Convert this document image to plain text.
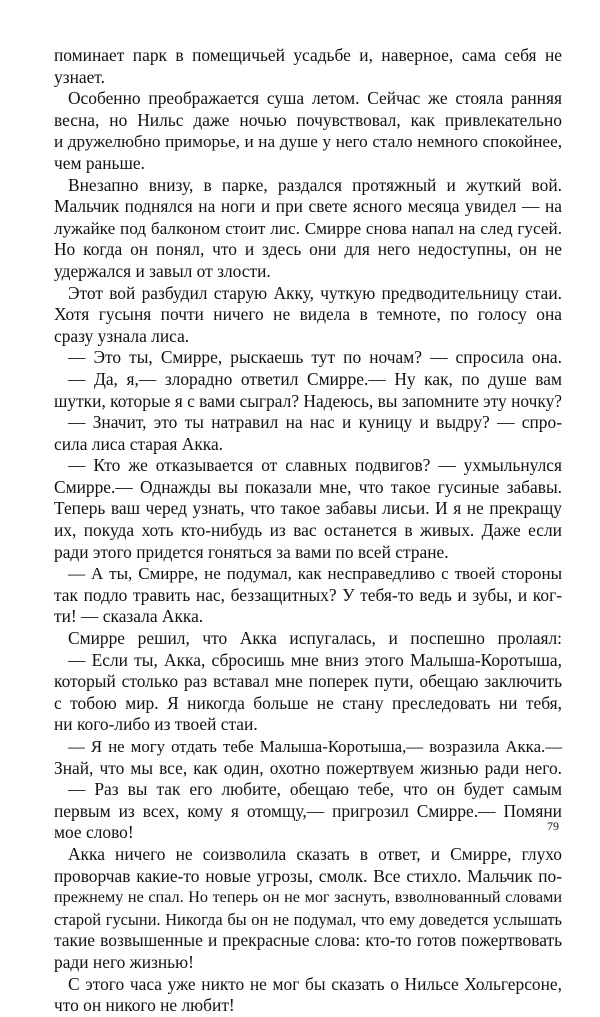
поминает парк в помещичьей усадьбе и, наверное, сама себя не
узнает.
Особенно преображается суша летом. Сейчас же стояла ранняя
весна, но Нильс даже ночью почувствовал, как привлекательно
и дружелюбно приморье, и на душе у него стало немного спокойнее,
чем раньше.
Внезапно внизу, в парке, раздался протяжный и жуткий вой.
Мальчик поднялся на ноги и при свете ясного месяца увидел — на
лужайке под балконом стоит лис. Смирре снова напал на след гусей.
Но когда он понял, что и здесь они для него недоступны, он не
удержался и завыл от злости.
Этот вой разбудил старую Акку, чуткую предводительницу стаи.
Хотя гусыня почти ничего не видела в темноте, по голосу она
сразу узнала лиса.
— Это ты, Смирре, рыскаешь тут по ночам? — спросила она.
— Да, я,— злорадно ответил Смирре.— Ну как, по душе вам
шутки, которые я с вами сыграл? Надеюсь, вы запомните эту ночку?
— Значит, это ты натравил на нас и куницу и выдру? — спро-
сила лиса старая Акка.
— Кто же отказывается от славных подвигов? — ухмыльнулся
Смирре.— Однажды вы показали мне, что такое гусиные забавы.
Теперь ваш черед узнать, что такое забавы лисьи. И я не прекращу
их, покуда хоть кто-нибудь из вас останется в живых. Даже если
ради этого придется гоняться за вами по всей стране.
— А ты, Смирре, не подумал, как несправедливо с твоей стороны
так подло травить нас, беззащитных? У тебя-то ведь и зубы, и ког-
ти! — сказала Акка.
Смирре решил, что Акка испугалась, и поспешно пролаял:
— Если ты, Акка, сбросишь мне вниз этого Малыша-Коротыша,
который столько раз вставал мне поперек пути, обещаю заключить
с тобою мир. Я никогда больше не стану преследовать ни тебя,
ни кого-либо из твоей стаи.
— Я не могу отдать тебе Малыша-Коротыша,— возразила Акка.—
Знай, что мы все, как один, охотно пожертвуем жизнью ради него.
— Раз вы так его любите, обещаю тебе, что он будет самым
первым из всех, кому я отомщу,— пригрозил Смирре.— Помяни
мое слово!
Акка ничего не соизволила сказать в ответ, и Смирре, глухо
проворчав какие-то новые угрозы, смолк. Все стихло. Мальчик по-
прежнему не спал. Но теперь он не мог заснуть, взволнованный словами
старой гусыни. Никогда бы он не подумал, что ему доведется услышать
такие возвышенные и прекрасные слова: кто-то готов пожертвовать
ради него жизнью!
С этого часа уже никто не мог бы сказать о Нильсе Хольгерсоне,
что он никого не любит!
79
